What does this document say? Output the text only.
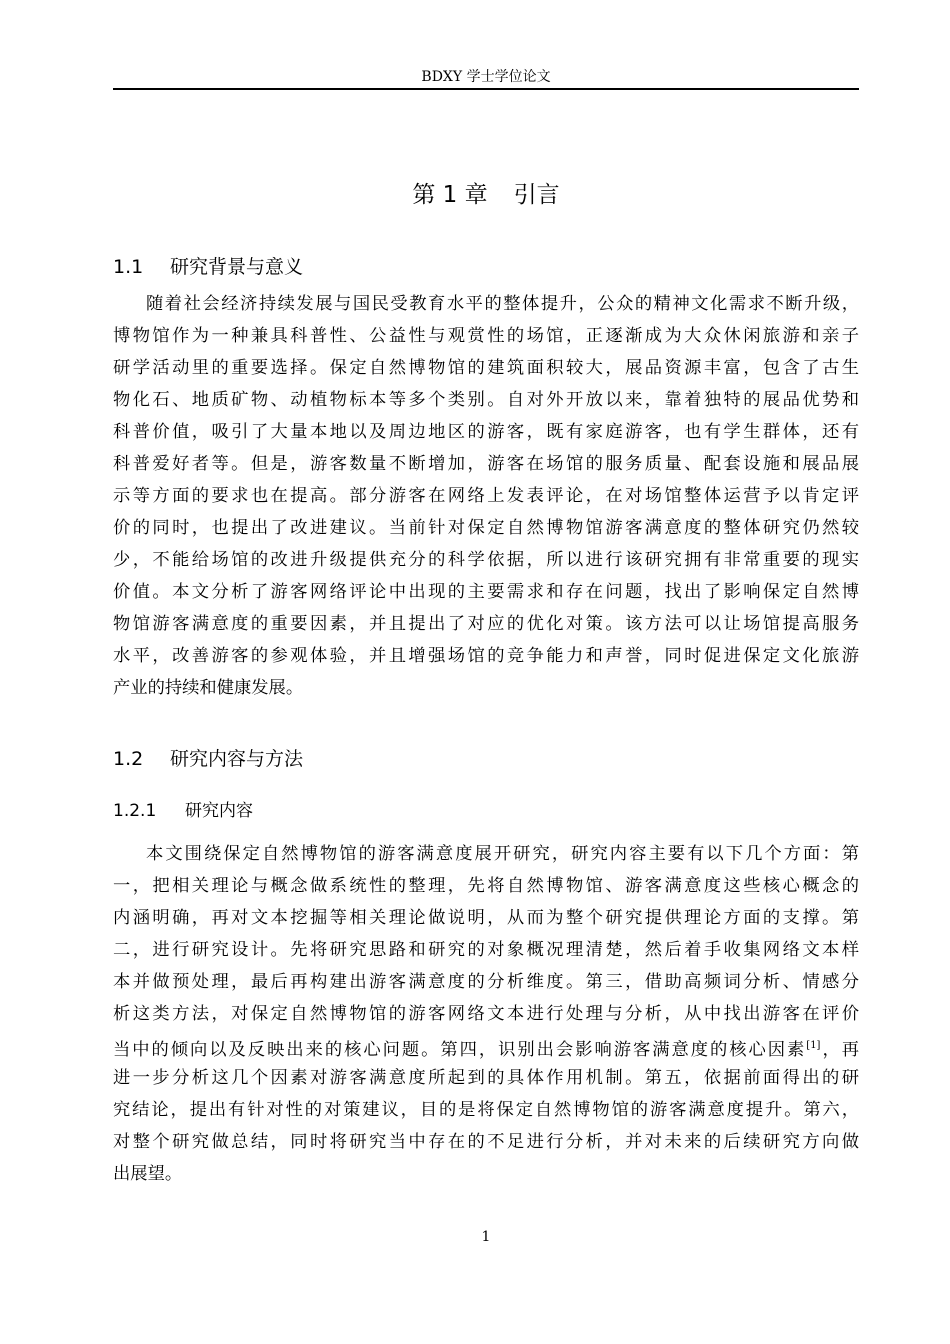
BDXY 学士学位论文
第 1 章 引言
1.1 研究背景与意义
随着社会经济持续发展与国民受教育水平的整体提升，公众的精神文化需求不断升级，
博物馆作为一种兼具科普性、公益性与观赏性的场馆，正逐渐成为大众休闲旅游和亲子
研学活动里的重要选择。保定自然博物馆的建筑面积较大，展品资源丰富，包含了古生
物化石、地质矿物、动植物标本等多个类别。自对外开放以来，靠着独特的展品优势和
科普价值，吸引了大量本地以及周边地区的游客，既有家庭游客，也有学生群体，还有
科普爱好者等。但是，游客数量不断增加，游客在场馆的服务质量、配套设施和展品展
示等方面的要求也在提高。部分游客在网络上发表评论，在对场馆整体运营予以肯定评
价的同时，也提出了改进建议。当前针对保定自然博物馆游客满意度的整体研究仍然较
少，不能给场馆的改进升级提供充分的科学依据，所以进行该研究拥有非常重要的现实
价值。本文分析了游客网络评论中出现的主要需求和存在问题，找出了影响保定自然博
物馆游客满意度的重要因素，并且提出了对应的优化对策。该方法可以让场馆提高服务
水平，改善游客的参观体验，并且增强场馆的竞争能力和声誉，同时促进保定文化旅游
产业的持续和健康发展。
1.2 研究内容与方法
1.2.1 研究内容
本文围绕保定自然博物馆的游客满意度展开研究，研究内容主要有以下几个方面：第
一，把相关理论与概念做系统性的整理，先将自然博物馆、游客满意度这些核心概念的
内涵明确，再对文本挖掘等相关理论做说明，从而为整个研究提供理论方面的支撑。第
二，进行研究设计。先将研究思路和研究的对象概况理清楚，然后着手收集网络文本样
本并做预处理，最后再构建出游客满意度的分析维度。第三，借助高频词分析、情感分
析这类方法，对保定自然博物馆的游客网络文本进行处理与分析，从中找出游客在评价
当中的倾向以及反映出来的核心问题。第四，识别出会影响游客满意度的核心因素[1]，再
进一步分析这几个因素对游客满意度所起到的具体作用机制。第五，依据前面得出的研
究结论，提出有针对性的对策建议，目的是将保定自然博物馆的游客满意度提升。第六，
对整个研究做总结，同时将研究当中存在的不足进行分析，并对未来的后续研究方向做
出展望。
1
